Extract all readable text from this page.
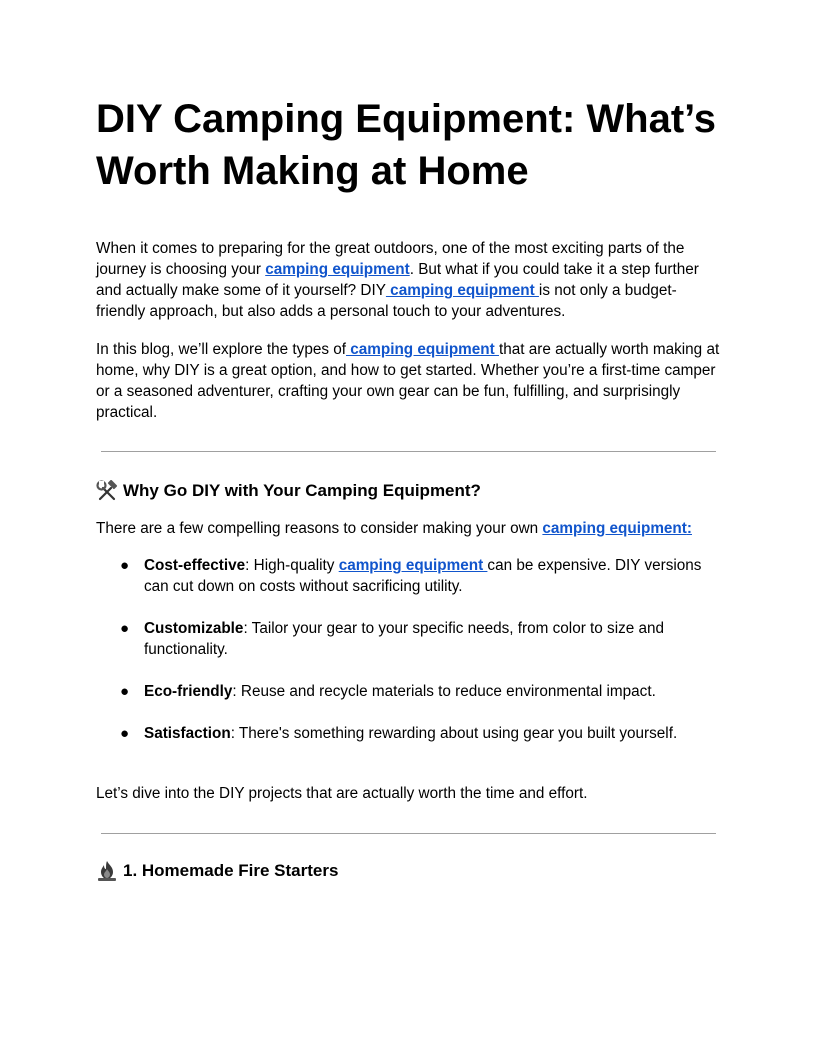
DIY Camping Equipment: What’s Worth Making at Home

When it comes to preparing for the great outdoors, one of the most exciting parts of the journey is choosing your camping equipment. But what if you could take it a step further and actually make some of it yourself? DIY camping equipment is not only a budget-friendly approach, but also adds a personal touch to your adventures.

In this blog, we’ll explore the types of camping equipment that are actually worth making at home, why DIY is a great option, and how to get started. Whether you’re a first-time camper or a seasoned adventurer, crafting your own gear can be fun, fulfilling, and surprisingly practical.

Why Go DIY with Your Camping Equipment?

There are a few compelling reasons to consider making your own camping equipment:

● Cost-effective: High-quality camping equipment can be expensive. DIY versions can cut down on costs without sacrificing utility.
● Customizable: Tailor your gear to your specific needs, from color to size and functionality.
● Eco-friendly: Reuse and recycle materials to reduce environmental impact.
● Satisfaction: There's something rewarding about using gear you built yourself.

Let’s dive into the DIY projects that are actually worth the time and effort.

1. Homemade Fire Starters
